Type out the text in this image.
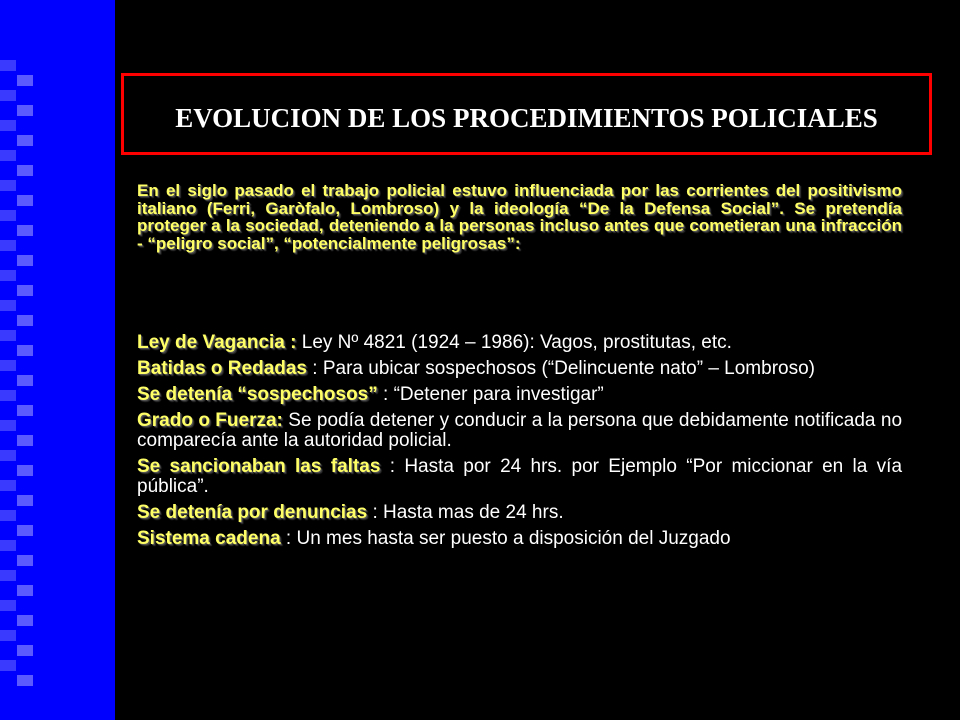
EVOLUCION DE LOS PROCEDIMIENTOS POLICIALES

En el siglo pasado el trabajo policial estuvo influenciada por las corrientes del positivismo italiano (Ferri, Garòfalo, Lombroso) y la ideología “De la Defensa Social”. Se pretendía proteger a la sociedad, deteniendo a la personas incluso antes que cometieran una infracción - “peligro social”, “potencialmente peligrosas”:

Ley de Vagancia : Ley Nº 4821 (1924 – 1986): Vagos, prostitutas, etc.
Batidas o Redadas : Para ubicar sospechosos (“Delincuente nato” – Lombroso)
Se detenía “sospechosos” : “Detener para investigar”
Grado o Fuerza: Se podía detener y conducir a la persona que debidamente notificada no comparecía ante la autoridad policial.
Se sancionaban las faltas : Hasta por 24 hrs. por Ejemplo “Por miccionar en la vía pública”.
Se detenía por denuncias : Hasta mas de 24 hrs.
Sistema cadena : Un mes hasta ser puesto a disposición del Juzgado
